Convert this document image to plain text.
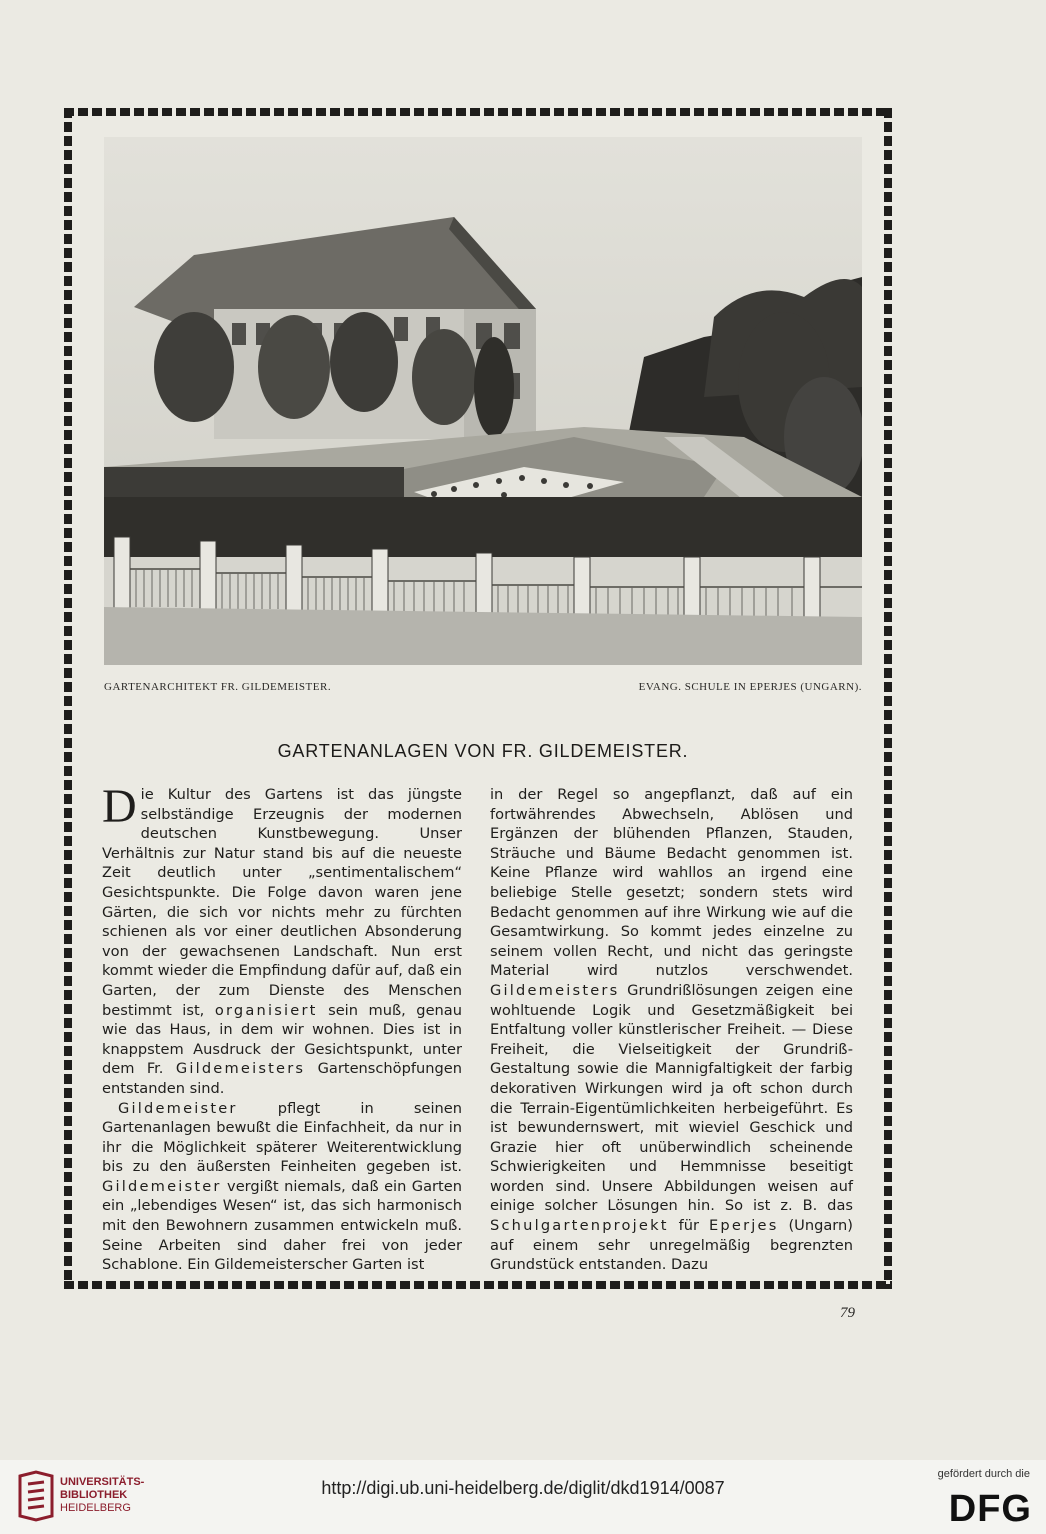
GARTENARCHITEKT FR. GILDEMEISTER.	EVANG. SCHULE IN EPERJES (UNGARN).
GARTENANLAGEN VON FR. GILDEMEISTER.

Die Kultur des Gartens ist das jüngste selbständige Erzeugnis der modernen deutschen Kunstbewegung. Unser Verhältnis zur Natur stand bis auf die neueste Zeit deutlich unter „sentimentalischem“ Gesichtspunkte. Die Folge davon waren jene Gärten, die sich vor nichts mehr zu fürchten schienen als vor einer deutlichen Absonderung von der gewachsenen Landschaft. Nun erst kommt wieder die Empfindung dafür auf, daß ein Garten, der zum Dienste des Menschen bestimmt ist, organisiert sein muß, genau wie das Haus, in dem wir wohnen. Dies ist in knappstem Ausdruck der Gesichtspunkt, unter dem Fr. Gildemeisters Gartenschöpfungen entstanden sind.

Gildemeister pflegt in seinen Gartenanlagen bewußt die Einfachheit, da nur in ihr die Möglichkeit späterer Weiterentwicklung bis zu den äußersten Feinheiten gegeben ist. Gildemeister vergißt niemals, daß ein Garten ein „lebendiges Wesen“ ist, das sich harmonisch mit den Bewohnern zusammen entwickeln muß. Seine Arbeiten sind daher frei von jeder Schablone. Ein Gildemeisterscher Garten ist

in der Regel so angepflanzt, daß auf ein fortwährendes Abwechseln, Ablösen und Ergänzen der blühenden Pflanzen, Stauden, Sträuche und Bäume Bedacht genommen ist. Keine Pflanze wird wahllos an irgend eine beliebige Stelle gesetzt; sondern stets wird Bedacht genommen auf ihre Wirkung wie auf die Gesamtwirkung. So kommt jedes einzelne zu seinem vollen Recht, und nicht das geringste Material wird nutzlos verschwendet. Gildemeisters Grundrißlösungen zeigen eine wohltuende Logik und Gesetzmäßigkeit bei Entfaltung voller künstlerischer Freiheit. — Diese Freiheit, die Vielseitigkeit der Grundriß-Gestaltung sowie die Mannigfaltigkeit der farbig dekorativen Wirkungen wird ja oft schon durch die Terrain-Eigentümlichkeiten herbeigeführt. Es ist bewundernswert, mit wieviel Geschick und Grazie hier oft unüberwindlich scheinende Schwierigkeiten und Hemmnisse beseitigt worden sind. Unsere Abbildungen weisen auf einige solcher Lösungen hin. So ist z. B. das Schulgartenprojekt für Eperjes (Ungarn) auf einem sehr unregelmäßig begrenzten Grundstück entstanden. Dazu

79
UNIVERSITÄTS-
BIBLIOTHEK
HEIDELBERG
http://digi.ub.uni-heidelberg.de/diglit/dkd1914/0087
gefördert durch die
DFG
